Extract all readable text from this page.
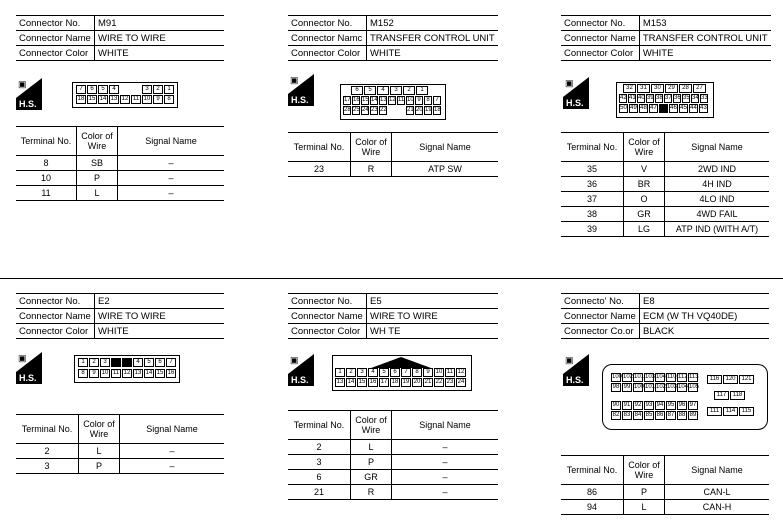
Connector No.	M91
Connector Name	WIRE TO WIRE
Connector Color	WHITE
▣
H.S.
7	6	5	4	3	2	1
18 15 14 13 12 11 10 9	8
Terminal No.	Color of Wire	Signal Name
8	SB	–
10	P	–
11	L	–
Connector No.	M152
Connector Namc	TRANSFER CONTROL UNIT
Connector Color	WHITE
▣
H.S.
6	5	4	3	2	1
17 16 15 14 13 12 11 10 9 8 7
28 25 24 23 22	21 20 19 18
Terminal No.	Color of Wire	Signal Name
23	R	ATP SW
Connector No.	M153
Connector Name	TRANSFER CONTROL UNIT
Connector Color	WHITE
▣
H.S.
32	31	30	29	28	27
42 41 40 39 38 37 36 35 34 33
50 49 48 47 46 45 44 43
Terminal No.	Color of Wire	Signal Name
35	V	2WD IND
36	BR	4H IND
37	O	4LO IND
38	GR	4WD FAIL
39	LG	ATP IND (WITH A/T)
Connector No.	E2
Connector Name	WIRE TO WIRE
Connector Color	WHITE
▣
H.S.
1	2	3	4	5	6	7
8	9 10 11 12 13 14 15 16
Terminal No.	Color of Wire	Signal Name
2	L	–
3	P	–
Connector No.	E5
Connector Name	WIRE TO WIRE
Connector Color	WH TE
▣
H.S.
1	2	3	4	5	6	7	8	9 10 11 12
13 14 15 16 17 18 19 20 21 22 23 24
Terminal No.	Color of Wire	Signal Name
2	L	–
3	P	–
6	GR	–
21	R	–
Connecto' No.	E8
Connector Name	ECM (W TH VQ40DE)
Connector Co.or	BLACK
▣
H.S.	100 102 101 103 104 110 112 113
98 99 100 101 102 103 104 105
90 91 92 93 94 95 96 97
82 83 84 85 86 87 88 89
116	120 121
117	118
111	114	115
Terminal No.	Color of Wire	Signal Name
86	P	CAN-L
94	L	CAN-H
